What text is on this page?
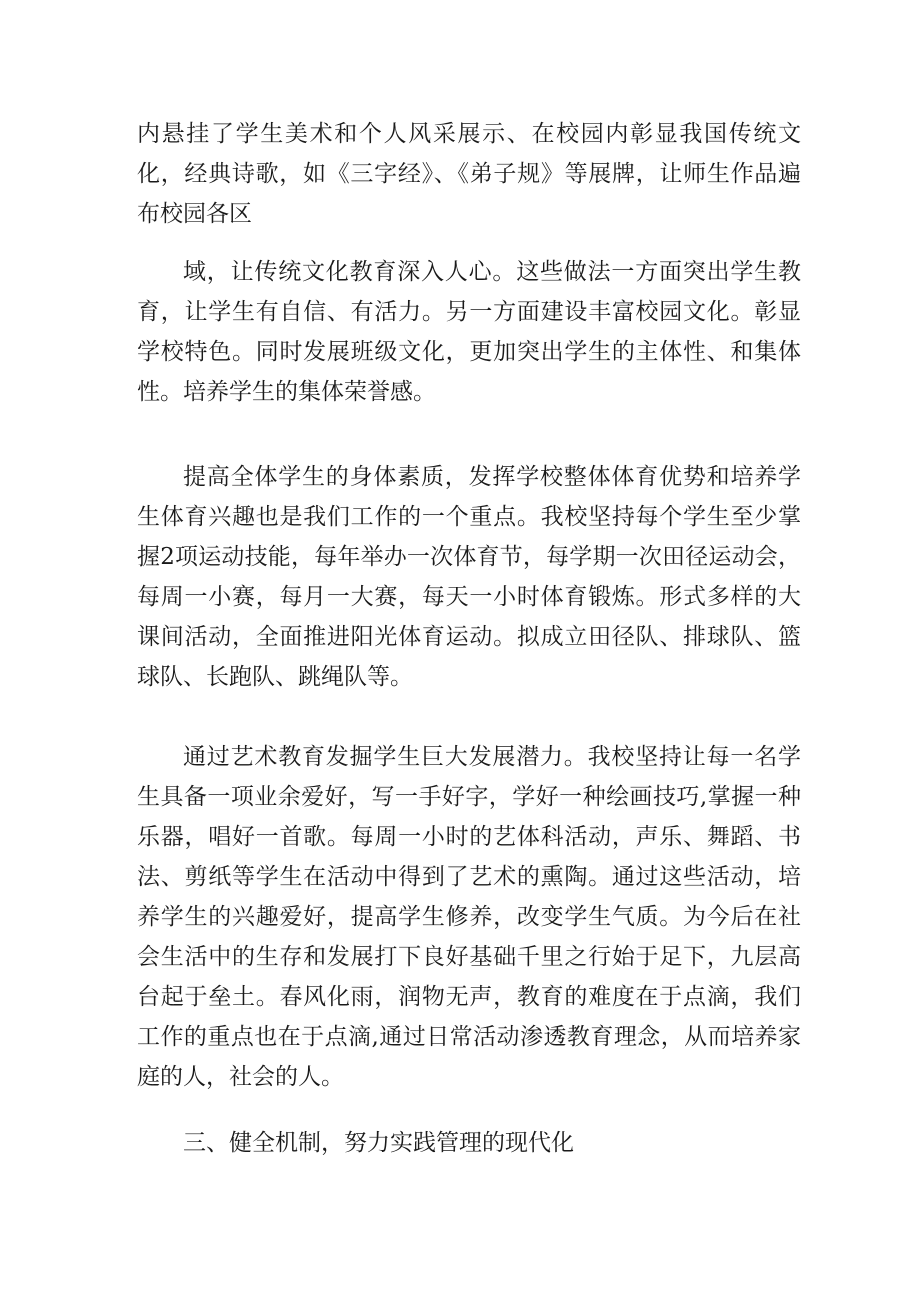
内悬挂了学生美术和个人风采展示、在校园内彰显我国传统文化，经典诗歌，如《三字经》、《弟子规》等展牌，让师生作品遍布校园各区

域，让传统文化教育深入人心。这些做法一方面突出学生教育，让学生有自信、有活力。另一方面建设丰富校园文化。彰显学校特色。同时发展班级文化，更加突出学生的主体性、和集体性。培养学生的集体荣誉感。

提高全体学生的身体素质，发挥学校整体体育优势和培养学生体育兴趣也是我们工作的一个重点。我校坚持每个学生至少掌握2项运动技能，每年举办一次体育节，每学期一次田径运动会，每周一小赛，每月一大赛，每天一小时体育锻炼。形式多样的大课间活动，全面推进阳光体育运动。拟成立田径队、排球队、篮球队、长跑队、跳绳队等。

通过艺术教育发掘学生巨大发展潜力。我校坚持让每一名学生具备一项业余爱好，写一手好字，学好一种绘画技巧,掌握一种乐器，唱好一首歌。每周一小时的艺体科活动，声乐、舞蹈、书法、剪纸等学生在活动中得到了艺术的熏陶。通过这些活动，培养学生的兴趣爱好，提高学生修养，改变学生气质。为今后在社会生活中的生存和发展打下良好基础千里之行始于足下，九层高台起于垒土。春风化雨，润物无声，教育的难度在于点滴，我们工作的重点也在于点滴,通过日常活动渗透教育理念，从而培养家庭的人，社会的人。

三、健全机制，努力实践管理的现代化
